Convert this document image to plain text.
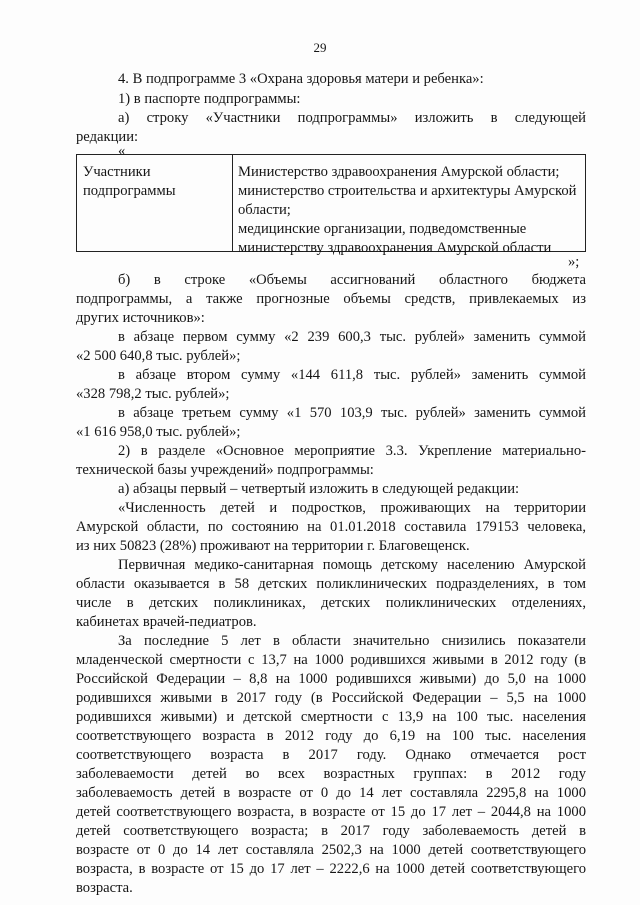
29
4. В подпрограмме 3 «Охрана здоровья матери и ребенка»:
1) в паспорте подпрограммы:
а) строку «Участники подпрограммы» изложить в следующей
редакции:
«
Участники
подпрограммы
Министерство здравоохранения Амурской области;
министерство строительства и архитектуры Амурской
области;
медицинские организации, подведомственные
министерству здравоохранения Амурской области
»;
б) в строке «Объемы ассигнований областного бюджета
подпрограммы, а также прогнозные объемы средств, привлекаемых из
других источников»:
в абзаце первом сумму «2 239 600,3 тыс. рублей» заменить суммой
«2 500 640,8 тыс. рублей»;
в абзаце втором сумму «144 611,8 тыс. рублей» заменить суммой
«328 798,2 тыс. рублей»;
в абзаце третьем сумму «1 570 103,9 тыс. рублей» заменить суммой
«1 616 958,0 тыс. рублей»;
2) в разделе «Основное мероприятие 3.3. Укрепление материально-
технической базы учреждений» подпрограммы:
а) абзацы первый – четвертый изложить в следующей редакции:
«Численность детей и подростков, проживающих на территории
Амурской области, по состоянию на 01.01.2018 составила 179153 человека,
из них 50823 (28%) проживают на территории г. Благовещенск.
Первичная медико-санитарная помощь детскому населению Амурской
области оказывается в 58 детских поликлинических подразделениях, в том
числе в детских поликлиниках, детских поликлинических отделениях,
кабинетах врачей-педиатров.
За последние 5 лет в области значительно снизились показатели
младенческой смертности с 13,7 на 1000 родившихся живыми в 2012 году (в
Российской Федерации – 8,8 на 1000 родившихся живыми) до 5,0 на 1000
родившихся живыми в 2017 году (в Российской Федерации – 5,5 на 1000
родившихся живыми) и детской смертности с 13,9 на 100 тыс. населения
соответствующего возраста в 2012 году до 6,19 на 100 тыс. населения
соответствующего возраста в 2017 году. Однако отмечается рост
заболеваемости детей во всех возрастных группах: в 2012 году
заболеваемость детей в возрасте от 0 до 14 лет составляла 2295,8 на 1000
детей соответствующего возраста, в возрасте от 15 до 17 лет – 2044,8 на 1000
детей соответствующего возраста; в 2017 году заболеваемость детей в
возрасте от 0 до 14 лет составляла 2502,3 на 1000 детей соответствующего
возраста, в возрасте от 15 до 17 лет – 2222,6 на 1000 детей соответствующего
возраста.
